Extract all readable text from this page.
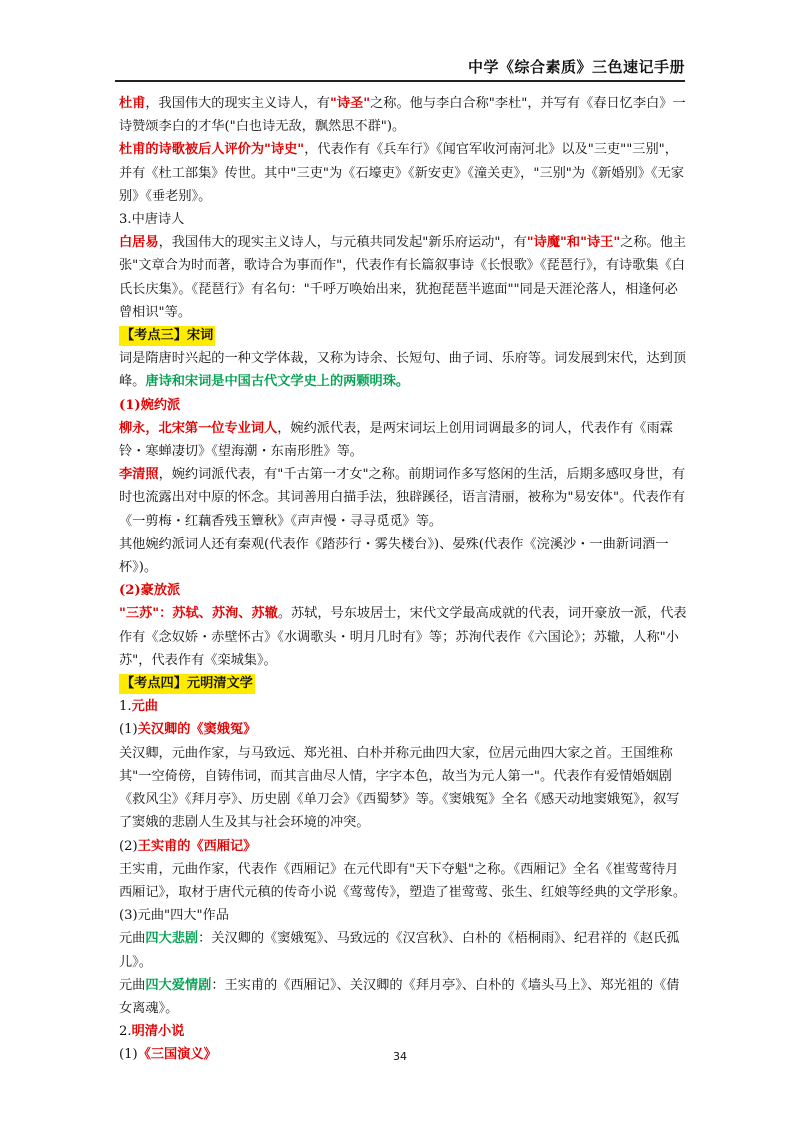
中学《综合素质》三色速记手册

杜甫，我国伟大的现实主义诗人，有"诗圣"之称。他与李白合称"李杜"，并写有《春日忆李白》一诗赞颂李白的才华("白也诗无敌，飘然思不群")。

杜甫的诗歌被后人评价为"诗史"，代表作有《兵车行》《闻官军收河南河北》以及"三吏""三别"，并有《杜工部集》传世。其中"三吏"为《石壕吏》《新安吏》《潼关吏》，"三别"为《新婚别》《无家别》《垂老别》。

3.中唐诗人

白居易，我国伟大的现实主义诗人，与元稹共同发起"新乐府运动"，有"诗魔"和"诗王"之称。他主张"文章合为时而著，歌诗合为事而作"，代表作有长篇叙事诗《长恨歌》《琵琶行》，有诗歌集《白氏长庆集》。《琵琶行》有名句："千呼万唤始出来，犹抱琵琶半遮面""同是天涯沦落人，相逢何必曾相识"等。

【考点三】宋词

词是隋唐时兴起的一种文学体裁，又称为诗余、长短句、曲子词、乐府等。词发展到宋代，达到顶峰。唐诗和宋词是中国古代文学史上的两颗明珠。

(1)婉约派

柳永，北宋第一位专业词人，婉约派代表，是两宋词坛上创用词调最多的词人，代表作有《雨霖铃・寒蝉凄切》《望海潮・东南形胜》等。

李清照，婉约词派代表，有"千古第一才女"之称。前期词作多写悠闲的生活，后期多感叹身世，有时也流露出对中原的怀念。其词善用白描手法，独辟蹊径，语言清丽，被称为"易安体"。代表作有《一剪梅・红藕香残玉簟秋》《声声慢・寻寻觅觅》等。

其他婉约派词人还有秦观(代表作《踏莎行・雾失楼台》)、晏殊(代表作《浣溪沙・一曲新词酒一杯》)。

(2)豪放派

"三苏"：苏轼、苏洵、苏辙。苏轼，号东坡居士，宋代文学最高成就的代表，词开豪放一派，代表作有《念奴娇・赤壁怀古》《水调歌头・明月几时有》等；苏洵代表作《六国论》；苏辙，人称"小苏"，代表作有《栾城集》。

【考点四】元明清文学

1.元曲

(1)关汉卿的《窦娥冤》

关汉卿，元曲作家，与马致远、郑光祖、白朴并称元曲四大家，位居元曲四大家之首。王国维称其"一空倚傍，自铸伟词，而其言曲尽人情，字字本色，故当为元人第一"。代表作有爱情婚姻剧《救风尘》《拜月亭》、历史剧《单刀会》《西蜀梦》等。《窦娥冤》全名《感天动地窦娥冤》，叙写了窦娥的悲剧人生及其与社会环境的冲突。

(2)王实甫的《西厢记》

王实甫，元曲作家，代表作《西厢记》在元代即有"天下夺魁"之称。《西厢记》全名《崔莺莺待月西厢记》，取材于唐代元稹的传奇小说《莺莺传》，塑造了崔莺莺、张生、红娘等经典的文学形象。

(3)元曲"四大"作品

元曲四大悲剧：关汉卿的《窦娥冤》、马致远的《汉宫秋》、白朴的《梧桐雨》、纪君祥的《赵氏孤儿》。

元曲四大爱情剧：王实甫的《西厢记》、关汉卿的《拜月亭》、白朴的《墙头马上》、郑光祖的《倩女离魂》。

2.明清小说

(1)《三国演义》	34
